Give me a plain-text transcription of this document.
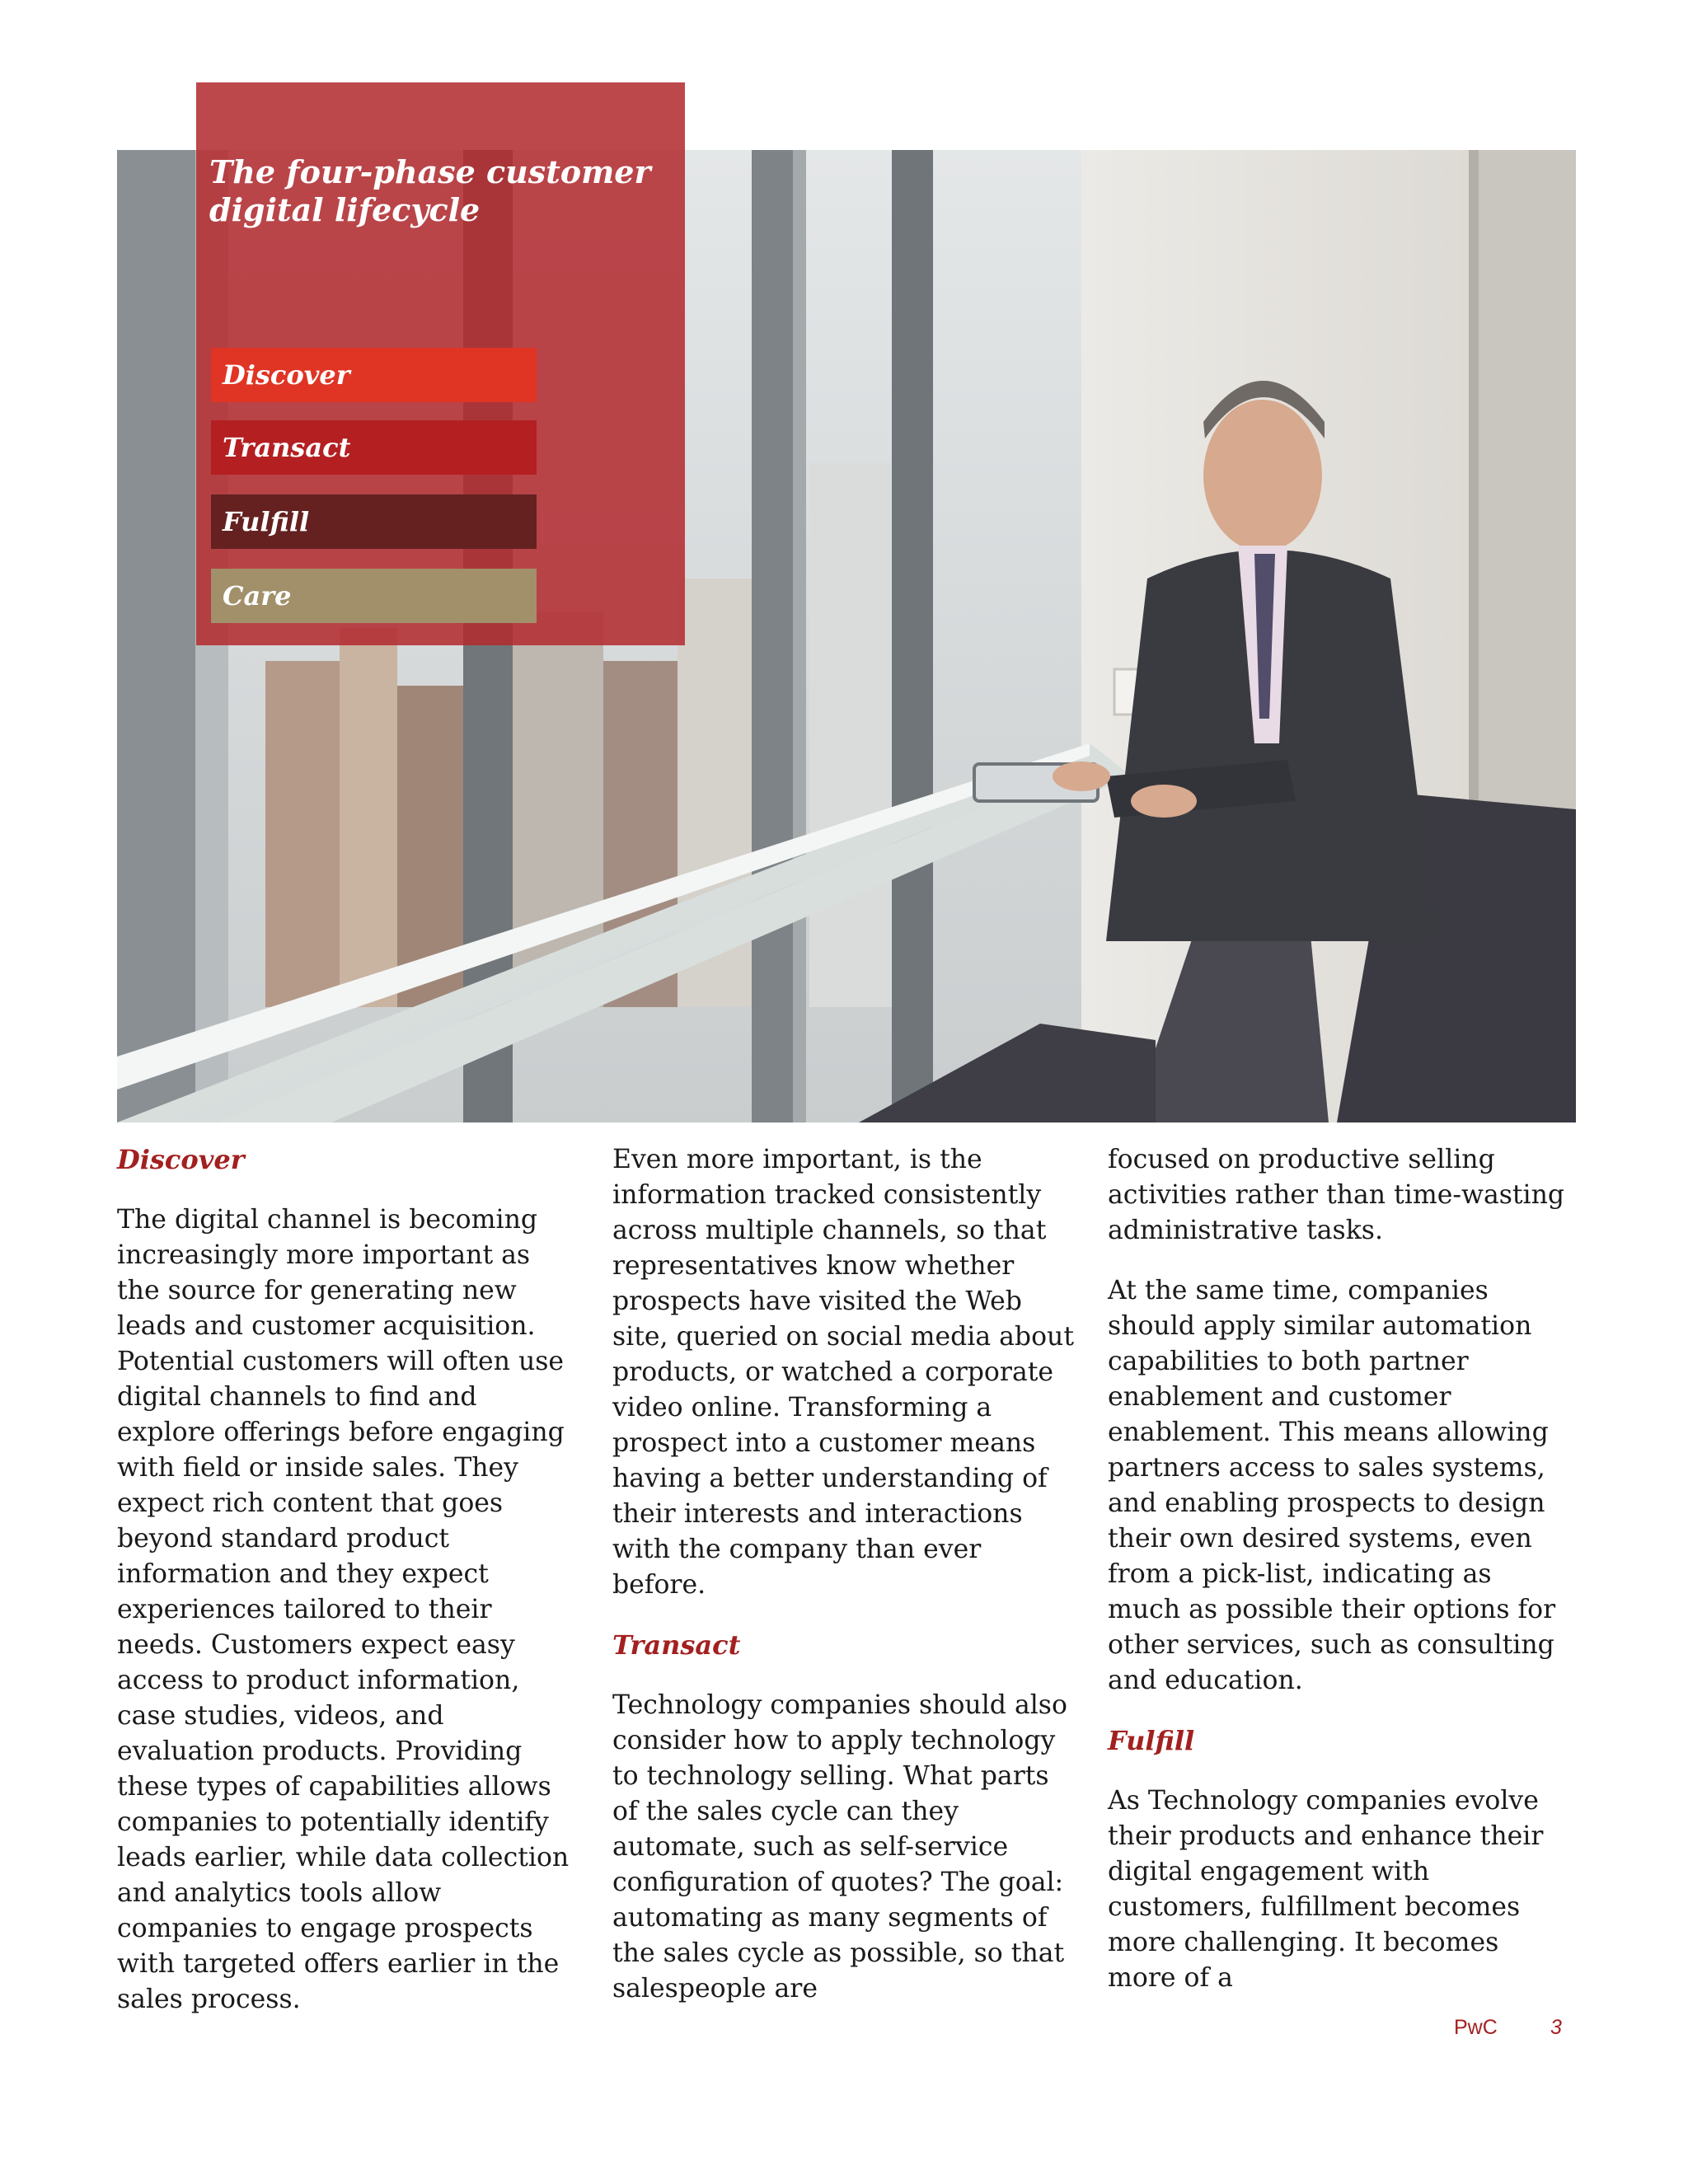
The four-phase customer digital lifecycle
Discover
Transact
Fulfill
Care
Discover

The digital channel is becoming increasingly more important as the source for generating new leads and customer acquisition. Potential customers will often use digital channels to find and explore offerings before engaging with field or inside sales. They expect rich content that goes beyond standard product information and they expect experiences tailored to their needs. Customers expect easy access to product information, case studies, videos, and evaluation products. Providing these types of capabilities allows companies to potentially identify leads earlier, while data collection and analytics tools allow companies to engage prospects with targeted offers earlier in the sales process.

Even more important, is the information tracked consistently across multiple channels, so that representatives know whether prospects have visited the Web site, queried on social media about products, or watched a corporate video online. Transforming a prospect into a customer means having a better understanding of their interests and interactions with the company than ever before.

Transact

Technology companies should also consider how to apply technology to technology selling. What parts of the sales cycle can they automate, such as self-service configuration of quotes? The goal: automating as many segments of the sales cycle as possible, so that salespeople are

focused on productive selling activities rather than time-wasting administrative tasks.

At the same time, companies should apply similar automation capabilities to both partner enablement and customer enablement. This means allowing partners access to sales systems, and enabling prospects to design their own desired systems, even from a pick-list, indicating as much as possible their options for other services, such as consulting and education.

Fulfill

As Technology companies evolve their products and enhance their digital engagement with customers, fulfillment becomes more challenging. It becomes more of a

PwC	3
